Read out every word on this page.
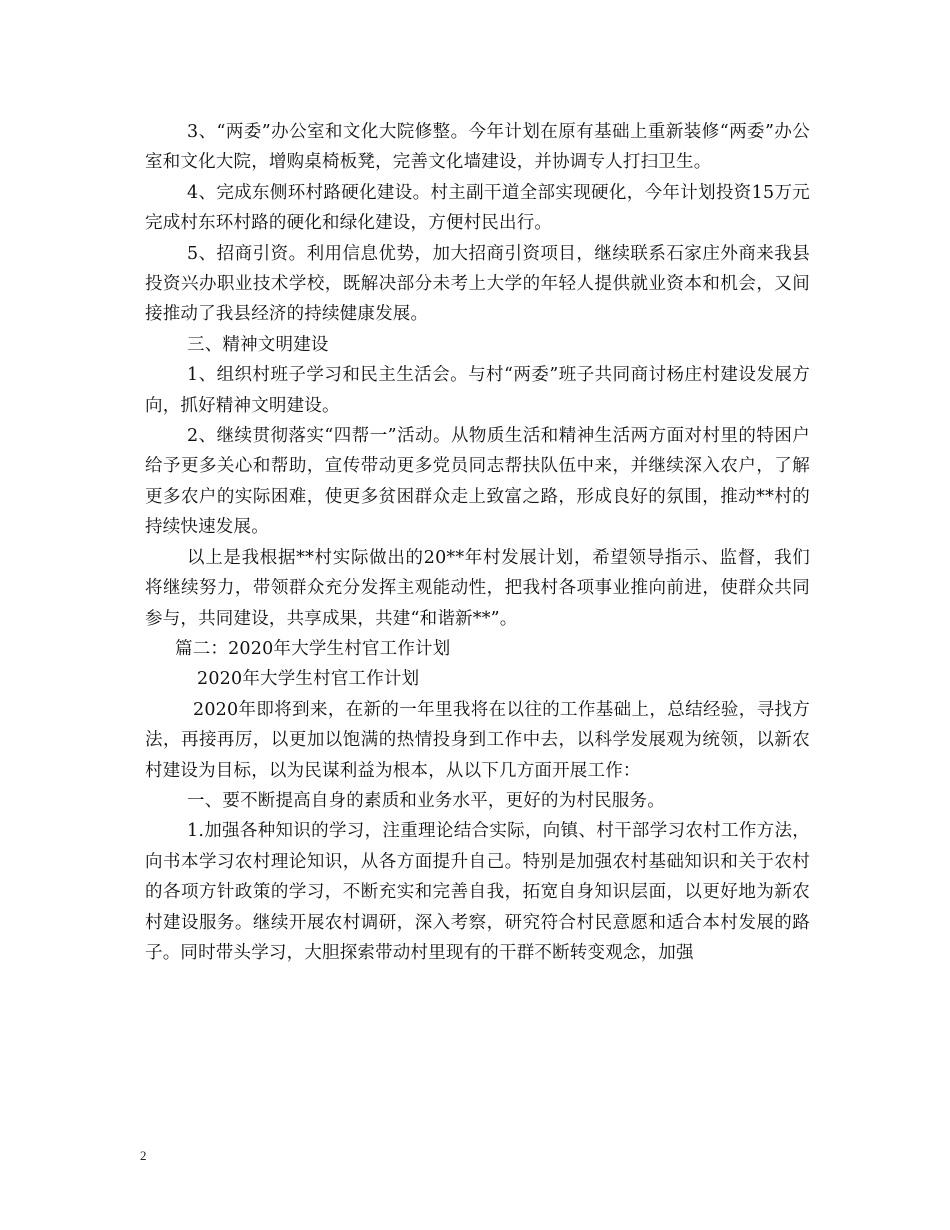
3、“两委”办公室和文化大院修整。今年计划在原有基础上重新装修“两委”办公室和文化大院，增购桌椅板凳，完善文化墙建设，并协调专人打扫卫生。

4、完成东侧环村路硬化建设。村主副干道全部实现硬化，今年计划投资15万元完成村东环村路的硬化和绿化建设，方便村民出行。

5、招商引资。利用信息优势，加大招商引资项目，继续联系石家庄外商来我县投资兴办职业技术学校，既解决部分未考上大学的年轻人提供就业资本和机会，又间接推动了我县经济的持续健康发展。

三、精神文明建设

1、组织村班子学习和民主生活会。与村“两委”班子共同商讨杨庄村建设发展方向，抓好精神文明建设。

2、继续贯彻落实“四帮一”活动。从物质生活和精神生活两方面对村里的特困户给予更多关心和帮助，宣传带动更多党员同志帮扶队伍中来，并继续深入农户，了解更多农户的实际困难，使更多贫困群众走上致富之路，形成良好的氛围，推动**村的持续快速发展。

以上是我根据**村实际做出的20**年村发展计划，希望领导指示、监督，我们将继续努力，带领群众充分发挥主观能动性，把我村各项事业推向前进，使群众共同参与，共同建设，共享成果，共建“和谐新**”。

篇二：2020年大学生村官工作计划

2020年大学生村官工作计划

2020年即将到来，在新的一年里我将在以往的工作基础上，总结经验，寻找方法，再接再厉，以更加以饱满的热情投身到工作中去，以科学发展观为统领，以新农村建设为目标，以为民谋利益为根本，从以下几方面开展工作：

一、要不断提高自身的素质和业务水平，更好的为村民服务。

1.加强各种知识的学习，注重理论结合实际，向镇、村干部学习农村工作方法，向书本学习农村理论知识，从各方面提升自己。特别是加强农村基础知识和关于农村的各项方针政策的学习，不断充实和完善自我，拓宽自身知识层面，以更好地为新农村建设服务。继续开展农村调研，深入考察，研究符合村民意愿和适合本村发展的路子。同时带头学习，大胆探索带动村里现有的干群不断转变观念，加强

2
